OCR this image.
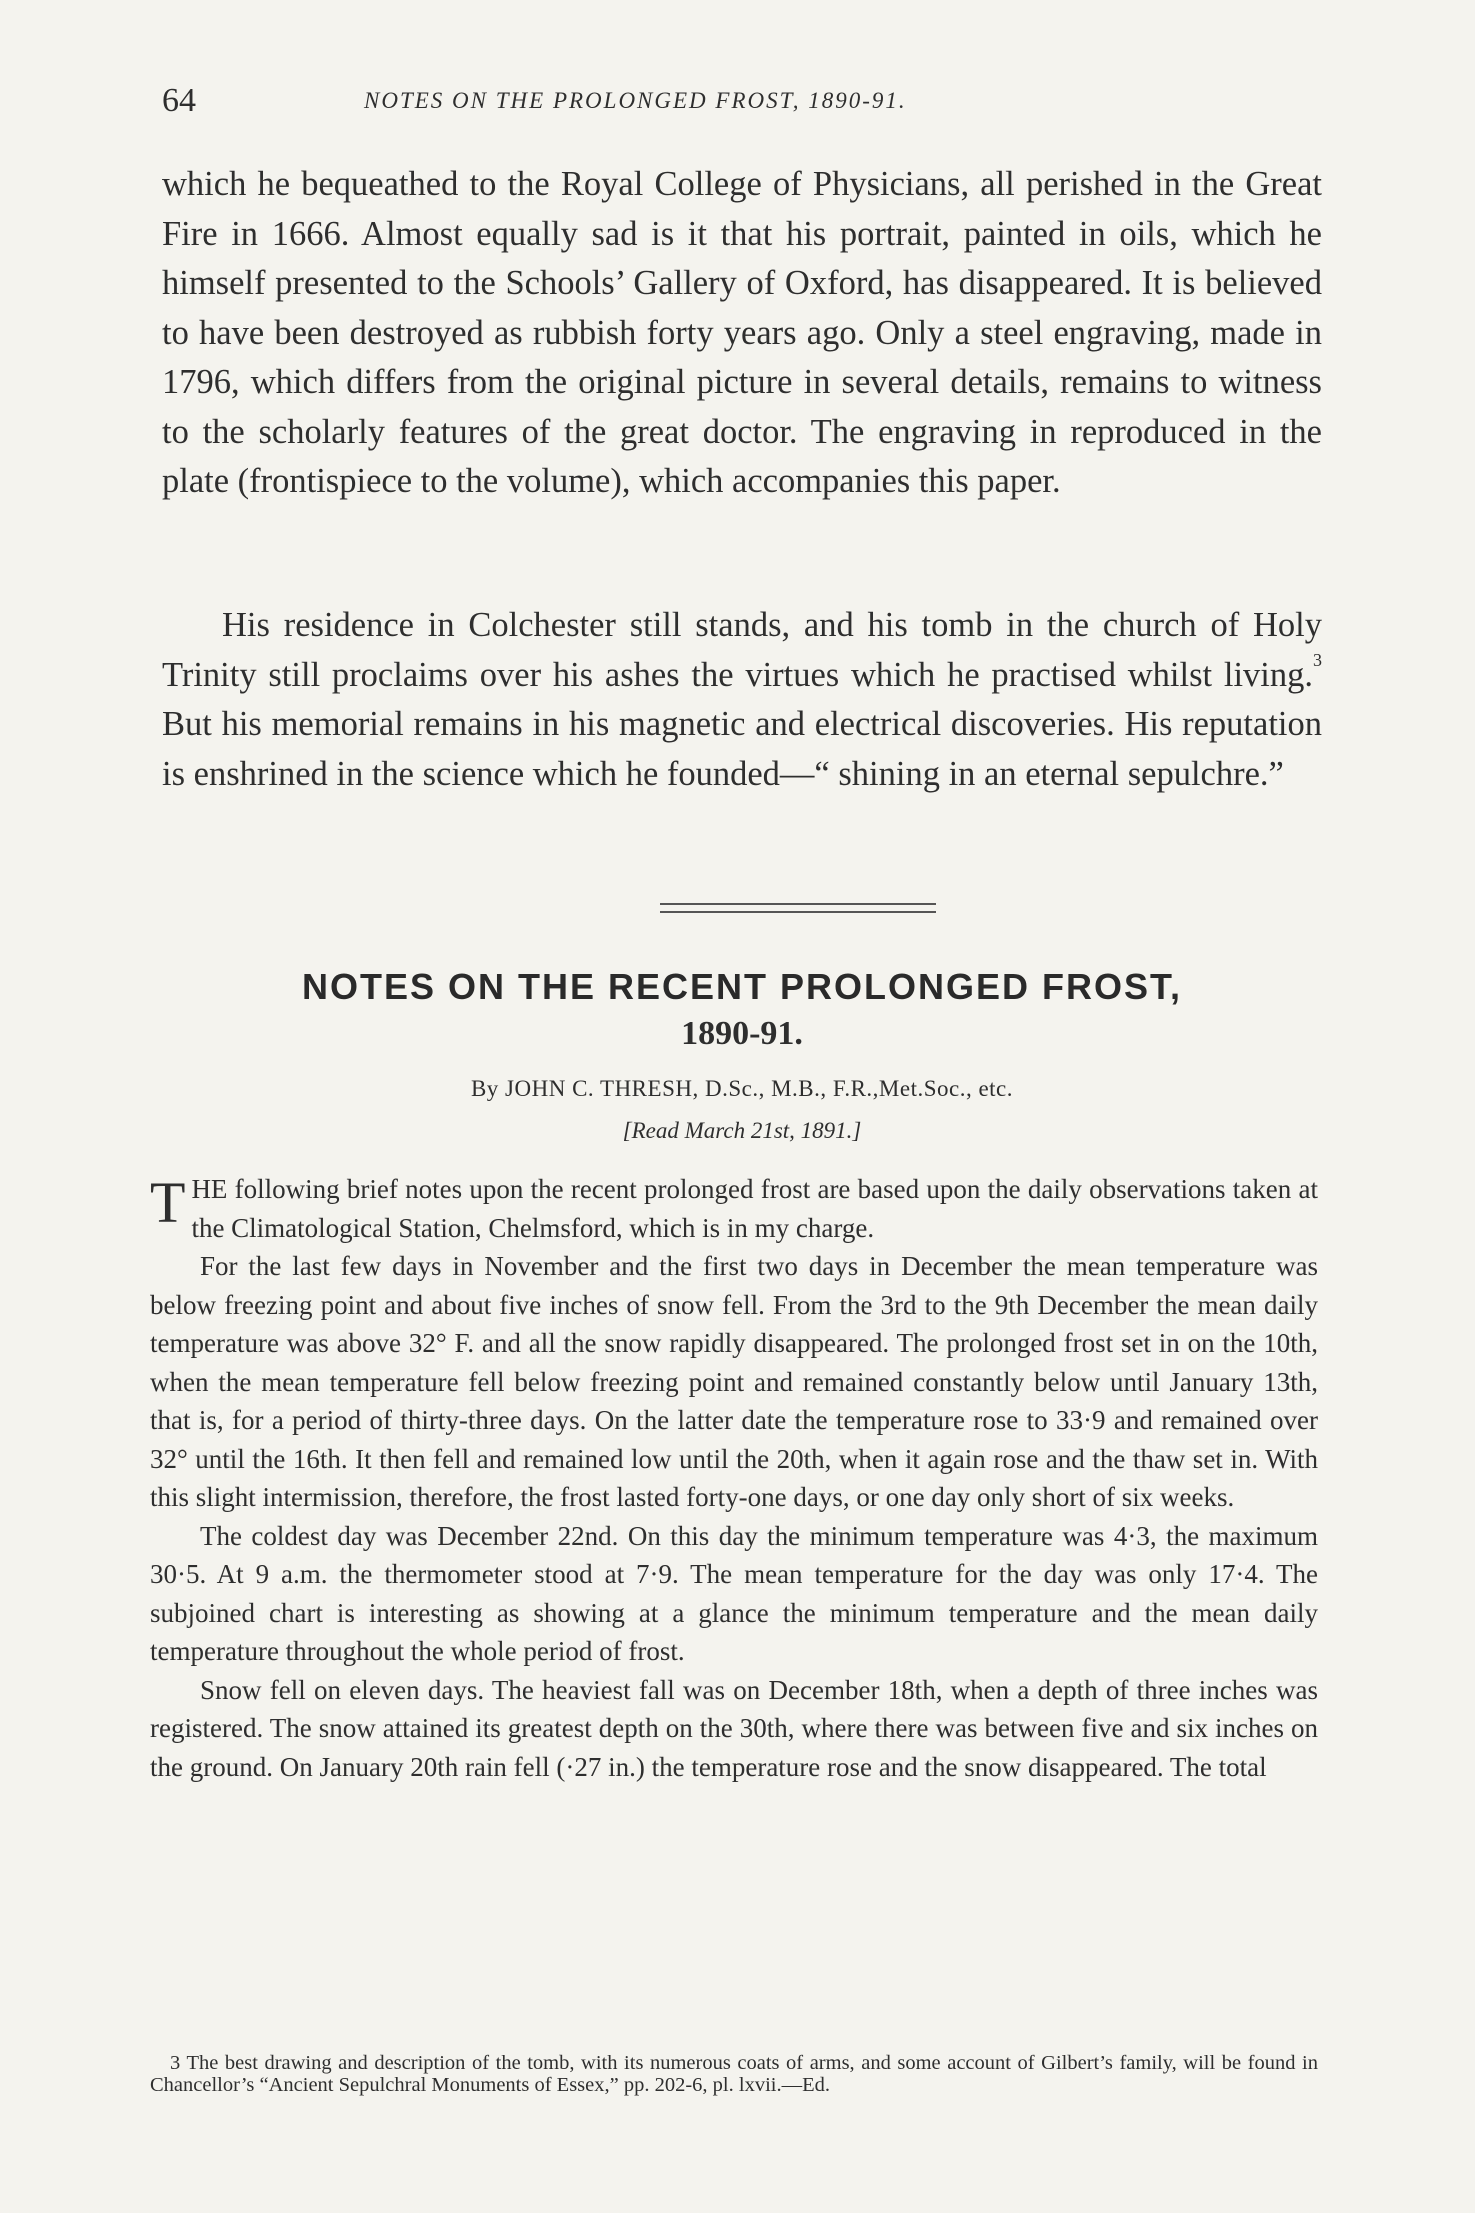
64	NOTES ON THE PROLONGED FROST, 1890-91.

which he bequeathed to the Royal College of Physicians, all perished in the Great Fire in 1666. Almost equally sad is it that his portrait, painted in oils, which he himself presented to the Schools’ Gallery of Oxford, has disappeared. It is believed to have been destroyed as rubbish forty years ago. Only a steel engraving, made in 1796, which differs from the original picture in several details, remains to witness to the scholarly features of the great doctor. The engraving in reproduced in the plate (frontispiece to the volume), which accompanies this paper.

His residence in Colchester still stands, and his tomb in the church of Holy Trinity still proclaims over his ashes the virtues which he practised whilst living.$^3$ But his memorial remains in his magnetic and electrical discoveries. His reputation is enshrined in the science which he founded—“ shining in an eternal sepulchre.”

NOTES ON THE RECENT PROLONGED FROST,
1890-91.
By JOHN C. THRESH, D.Sc., M.B., F.R.,Met.Soc., etc.
[Read March 21st, 1891.]

THE following brief notes upon the recent prolonged frost are based upon the daily observations taken at the Climatological Station, Chelmsford, which is in my charge.

For the last few days in November and the first two days in December the mean temperature was below freezing point and about five inches of snow fell. From the 3rd to the 9th December the mean daily temperature was above 32° F. and all the snow rapidly disappeared. The prolonged frost set in on the 10th, when the mean temperature fell below freezing point and remained constantly below until January 13th, that is, for a period of thirty-three days. On the latter date the temperature rose to 33·9 and remained over 32° until the 16th. It then fell and remained low until the 20th, when it again rose and the thaw set in. With this slight intermission, therefore, the frost lasted forty-one days, or one day only short of six weeks.

The coldest day was December 22nd. On this day the minimum temperature was 4·3, the maximum 30·5. At 9 a.m. the thermometer stood at 7·9. The mean temperature for the day was only 17·4. The subjoined chart is interesting as showing at a glance the minimum temperature and the mean daily temperature throughout the whole period of frost.

Snow fell on eleven days. The heaviest fall was on December 18th, when a depth of three inches was registered. The snow attained its greatest depth on the 30th, where there was between five and six inches on the ground. On January 20th rain fell (·27 in.) the temperature rose and the snow disappeared. The total

3 The best drawing and description of the tomb, with its numerous coats of arms, and some account of Gilbert’s family, will be found in Chancellor’s “Ancient Sepulchral Monuments of Essex,” pp. 202-6, pl. lxvii.—Ed.
